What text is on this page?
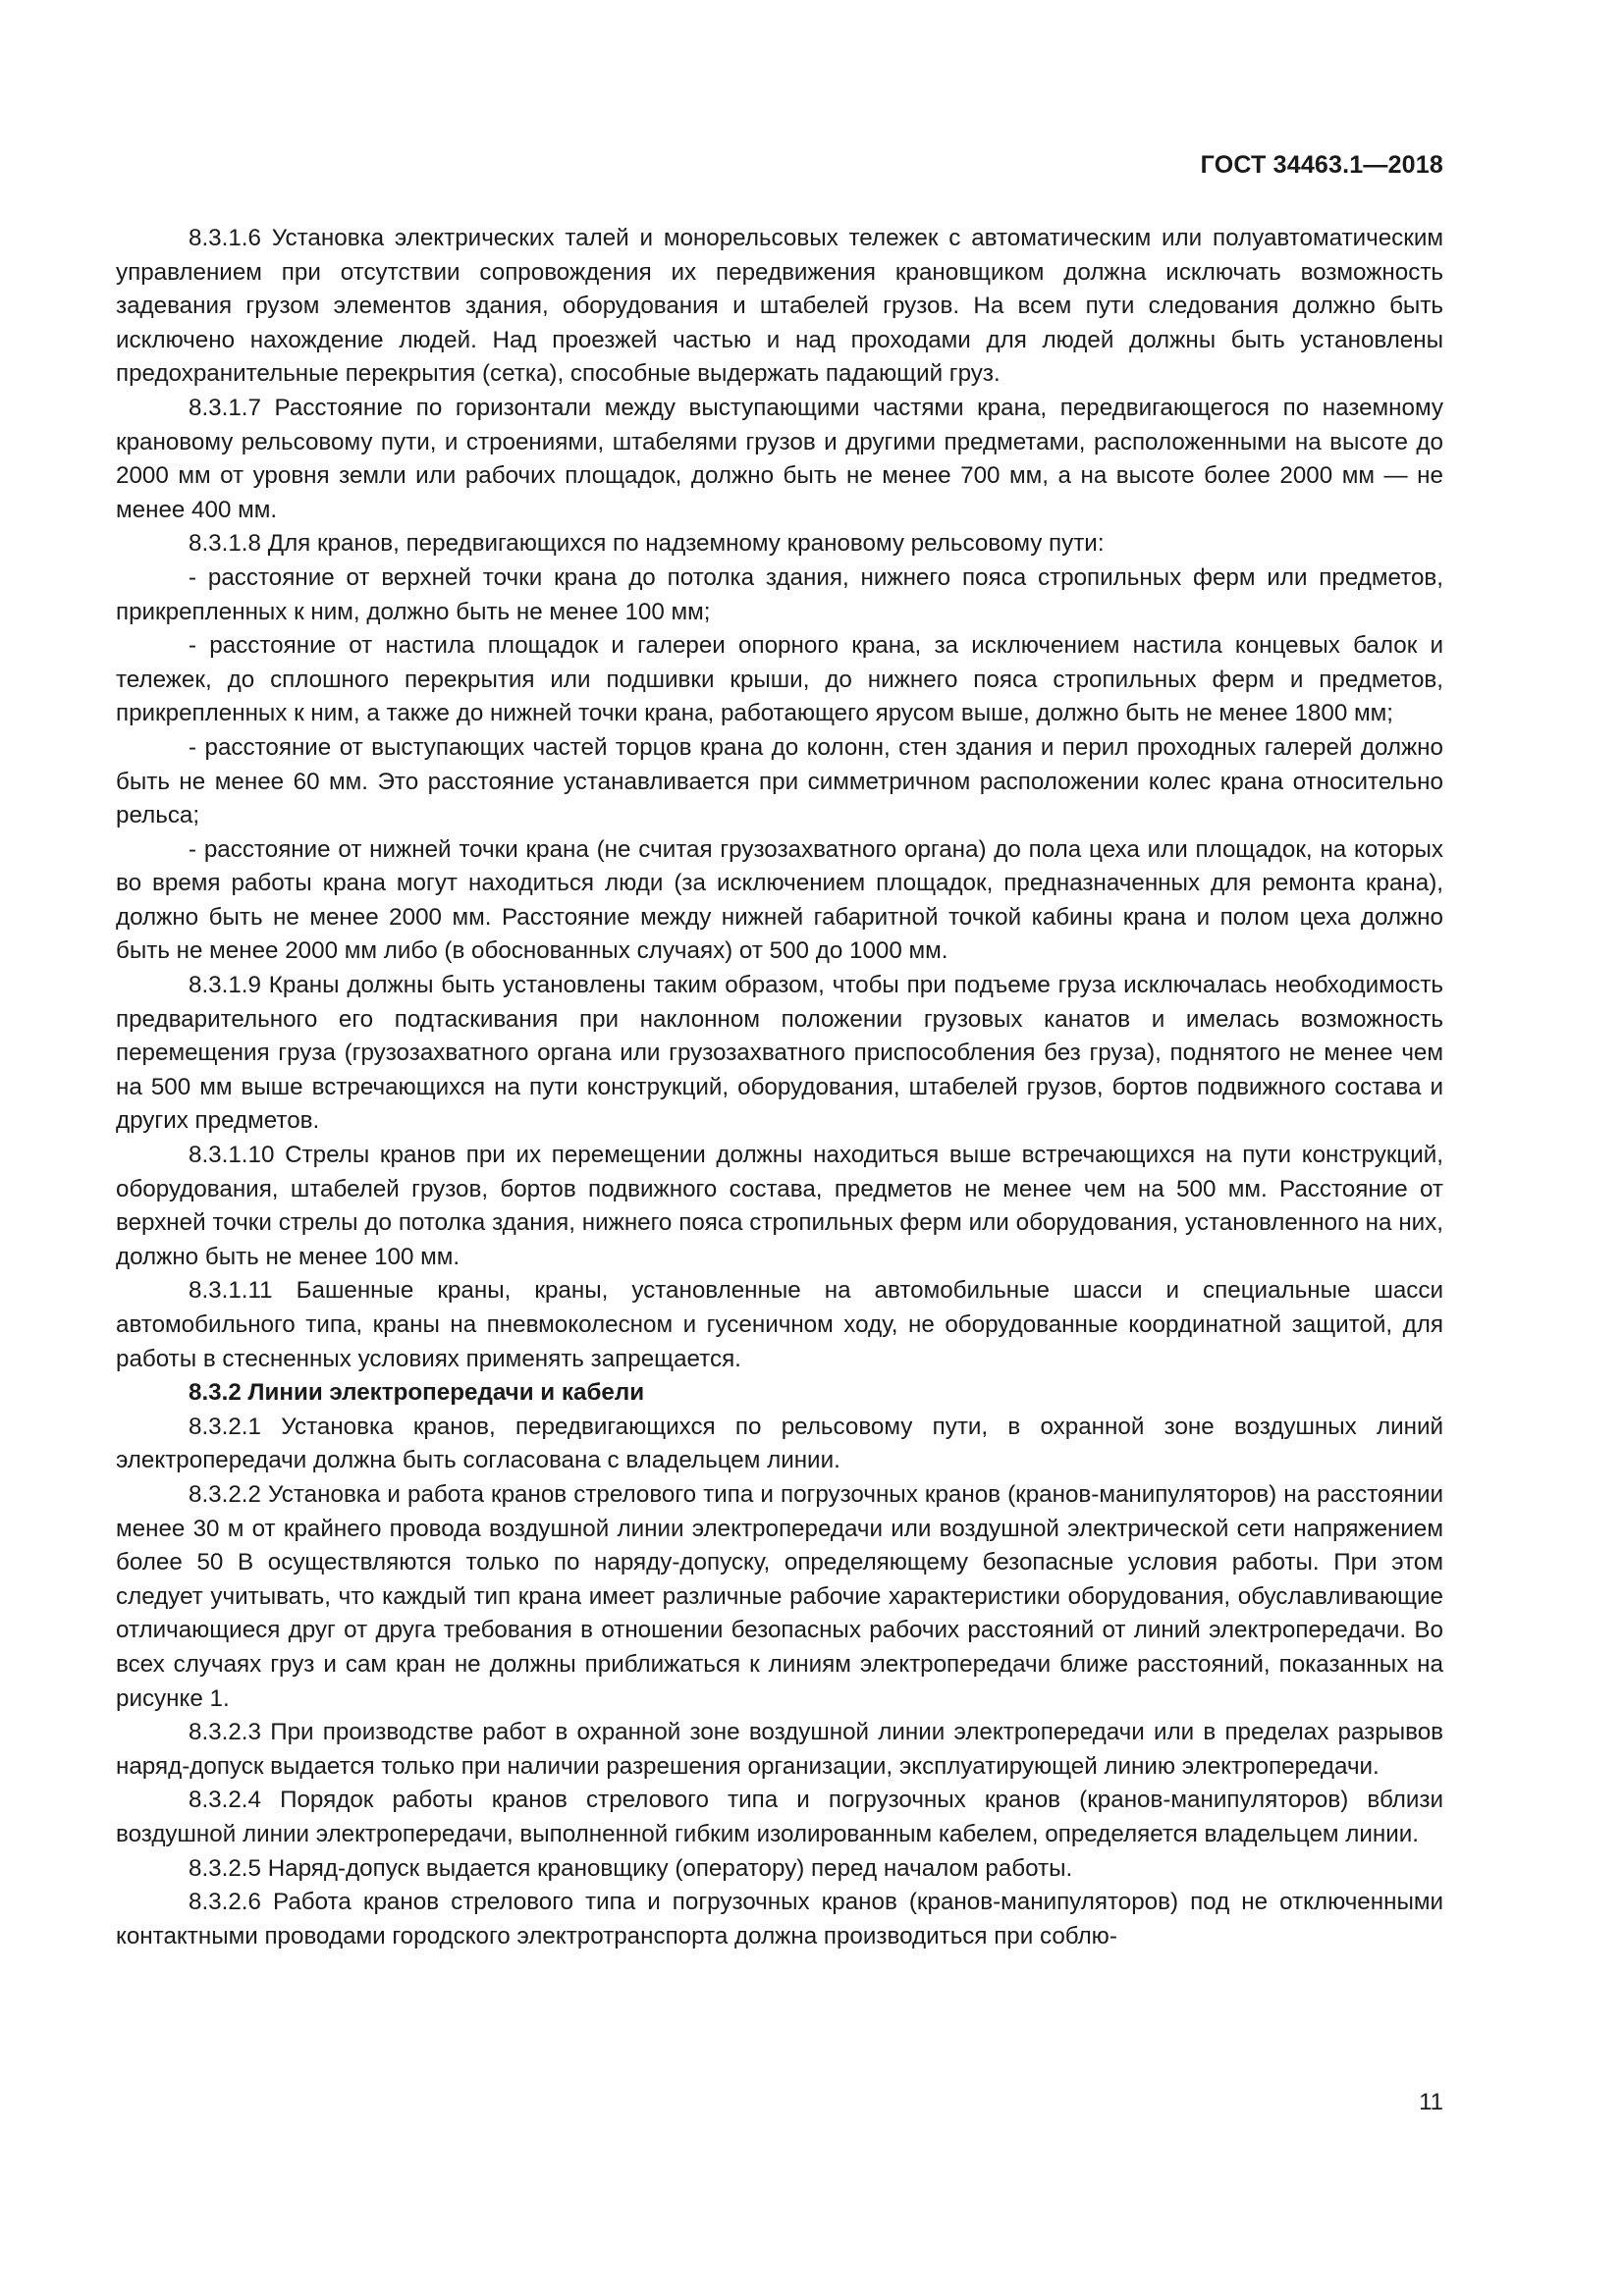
ГОСТ 34463.1—2018

8.3.1.6 Установка электрических талей и монорельсовых тележек с автоматическим или полуавтоматическим управлением при отсутствии сопровождения их передвижения крановщиком должна исключать возможность задевания грузом элементов здания, оборудования и штабелей грузов. На всем пути следования должно быть исключено нахождение людей. Над проезжей частью и над проходами для людей должны быть установлены предохранительные перекрытия (сетка), способные выдержать падающий груз.

8.3.1.7 Расстояние по горизонтали между выступающими частями крана, передвигающегося по наземному крановому рельсовому пути, и строениями, штабелями грузов и другими предметами, расположенными на высоте до 2000 мм от уровня земли или рабочих площадок, должно быть не менее 700 мм, а на высоте более 2000 мм — не менее 400 мм.

8.3.1.8 Для кранов, передвигающихся по надземному крановому рельсовому пути:

- расстояние от верхней точки крана до потолка здания, нижнего пояса стропильных ферм или предметов, прикрепленных к ним, должно быть не менее 100 мм;

- расстояние от настила площадок и галереи опорного крана, за исключением настила концевых балок и тележек, до сплошного перекрытия или подшивки крыши, до нижнего пояса стропильных ферм и предметов, прикрепленных к ним, а также до нижней точки крана, работающего ярусом выше, должно быть не менее 1800 мм;

- расстояние от выступающих частей торцов крана до колонн, стен здания и перил проходных галерей должно быть не менее 60 мм. Это расстояние устанавливается при симметричном расположении колес крана относительно рельса;

- расстояние от нижней точки крана (не считая грузозахватного органа) до пола цеха или площадок, на которых во время работы крана могут находиться люди (за исключением площадок, предназначенных для ремонта крана), должно быть не менее 2000 мм. Расстояние между нижней габаритной точкой кабины крана и полом цеха должно быть не менее 2000 мм либо (в обоснованных случаях) от 500 до 1000 мм.

8.3.1.9 Краны должны быть установлены таким образом, чтобы при подъеме груза исключалась необходимость предварительного его подтаскивания при наклонном положении грузовых канатов и имелась возможность перемещения груза (грузозахватного органа или грузозахватного приспособления без груза), поднятого не менее чем на 500 мм выше встречающихся на пути конструкций, оборудования, штабелей грузов, бортов подвижного состава и других предметов.

8.3.1.10 Стрелы кранов при их перемещении должны находиться выше встречающихся на пути конструкций, оборудования, штабелей грузов, бортов подвижного состава, предметов не менее чем на 500 мм. Расстояние от верхней точки стрелы до потолка здания, нижнего пояса стропильных ферм или оборудования, установленного на них, должно быть не менее 100 мм.

8.3.1.11 Башенные краны, краны, установленные на автомобильные шасси и специальные шасси автомобильного типа, краны на пневмоколесном и гусеничном ходу, не оборудованные координатной защитой, для работы в стесненных условиях применять запрещается.

8.3.2 Линии электропередачи и кабели

8.3.2.1 Установка кранов, передвигающихся по рельсовому пути, в охранной зоне воздушных линий электропередачи должна быть согласована с владельцем линии.

8.3.2.2 Установка и работа кранов стрелового типа и погрузочных кранов (кранов-манипуляторов) на расстоянии менее 30 м от крайнего провода воздушной линии электропередачи или воздушной электрической сети напряжением более 50 В осуществляются только по наряду-допуску, определяющему безопасные условия работы. При этом следует учитывать, что каждый тип крана имеет различные рабочие характеристики оборудования, обуславливающие отличающиеся друг от друга требования в отношении безопасных рабочих расстояний от линий электропередачи. Во всех случаях груз и сам кран не должны приближаться к линиям электропередачи ближе расстояний, показанных на рисунке 1.

8.3.2.3 При производстве работ в охранной зоне воздушной линии электропередачи или в пределах разрывов наряд-допуск выдается только при наличии разрешения организации, эксплуатирующей линию электропередачи.

8.3.2.4 Порядок работы кранов стрелового типа и погрузочных кранов (кранов-манипуляторов) вблизи воздушной линии электропередачи, выполненной гибким изолированным кабелем, определяется владельцем линии.

8.3.2.5 Наряд-допуск выдается крановщику (оператору) перед началом работы.

8.3.2.6 Работа кранов стрелового типа и погрузочных кранов (кранов-манипуляторов) под не отключенными контактными проводами городского электротранспорта должна производиться при соблю-

11
